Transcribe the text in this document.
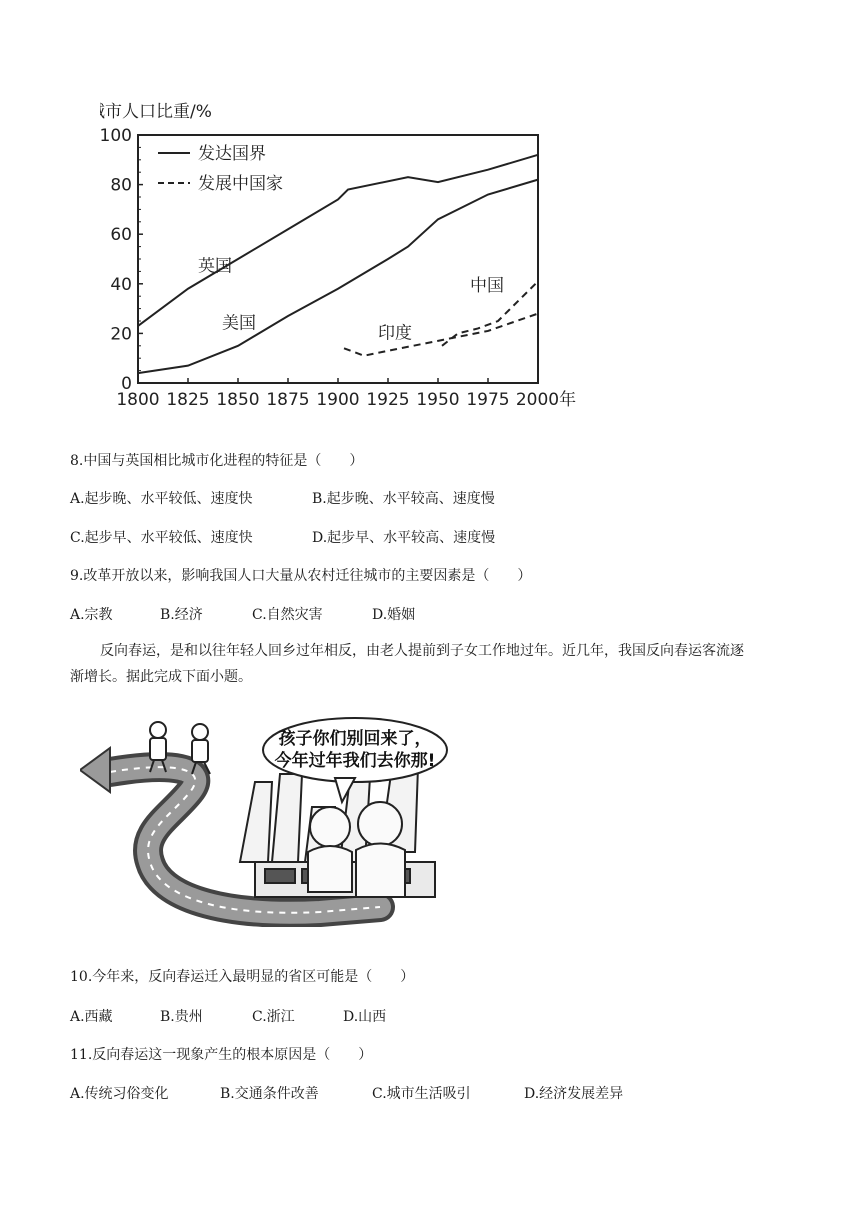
城市人口比重/%
0
20
40
60
80
100
1800 1825 1850 1875 1900 1925 1950 1975 2000年
发达国界
发展中国家
英国
美国	印度
中国
8.中国与英国相比城市化进程的特征是（　　）
A.起步晚、水平较低、速度快	B.起步晚、水平较高、速度慢
C.起步早、水平较低、速度快	D.起步早、水平较高、速度慢
9.改革开放以来，影响我国人口大量从农村迁往城市的主要因素是（　　）
A.宗教	B.经济	C.自然灾害	D.婚姻
反向春运，是和以往年轻人回乡过年相反，由老人提前到子女工作地过年。近几年，我国反向春运客流逐
渐增长。据此完成下面小题。
孩子你们别回来了，
今年过年我们去你那!
10.今年来，反向春运迁入最明显的省区可能是（　　）
A.西藏	B.贵州	C.浙江	D.山西
11.反向春运这一现象产生的根本原因是（　　）
A.传统习俗变化	B.交通条件改善	C.城市生活吸引	D.经济发展差异
